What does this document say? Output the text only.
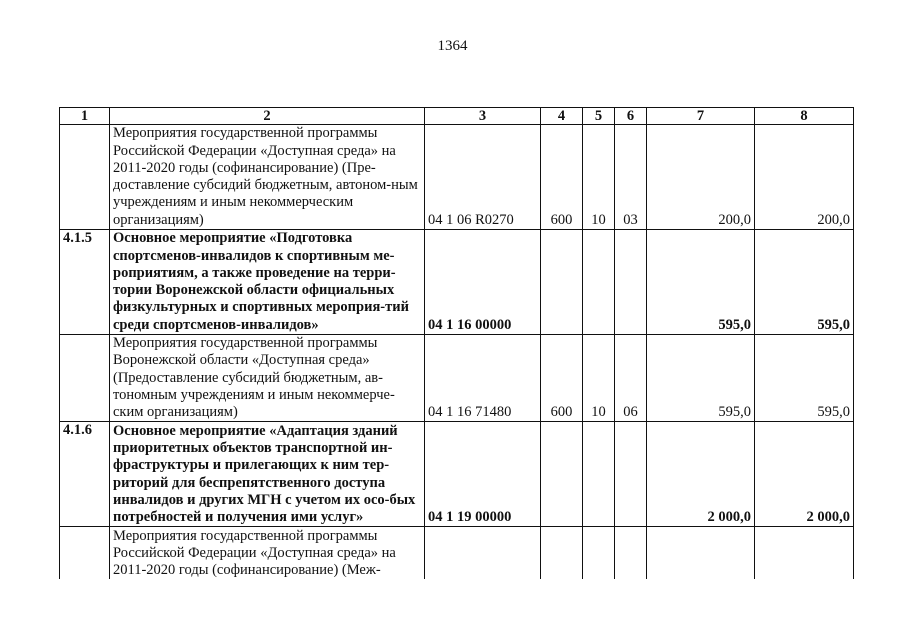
1364
1	2	3	4	5	6	7	8
	Мероприятия государственной программы Российской Федерации «Доступная среда» на 2011-2020 годы (софинансирование) (Пре-доставление субсидий бюджетным, автоном-ным учреждениям и иным некоммерческим организациям)	04 1 06 R0270	600	10	03	200,0	200,0
4.1.5	Основное мероприятие «Подготовка спортсменов-инвалидов к спортивным ме-роприятиям, а также проведение на терри-тории Воронежской области официальных физкультурных и спортивных мероприя-тий среди спортсменов-инвалидов»	04 1 16 00000				595,0	595,0
	Мероприятия государственной программы Воронежской области «Доступная среда» (Предоставление субсидий бюджетным, ав-тономным учреждениям и иным некоммерче-ским организациям)	04 1 16 71480	600	10	06	595,0	595,0
4.1.6	Основное мероприятие «Адаптация зданий приоритетных объектов транспортной ин-фраструктуры и прилегающих к ним тер-риторий для беспрепятственного доступа инвалидов и других МГН с учетом их осо-бых потребностей и получения ими услуг»	04 1 19 00000				2 000,0	2 000,0
	Мероприятия государственной программы Российской Федерации «Доступная среда» на 2011-2020 годы (софинансирование) (Меж-						
